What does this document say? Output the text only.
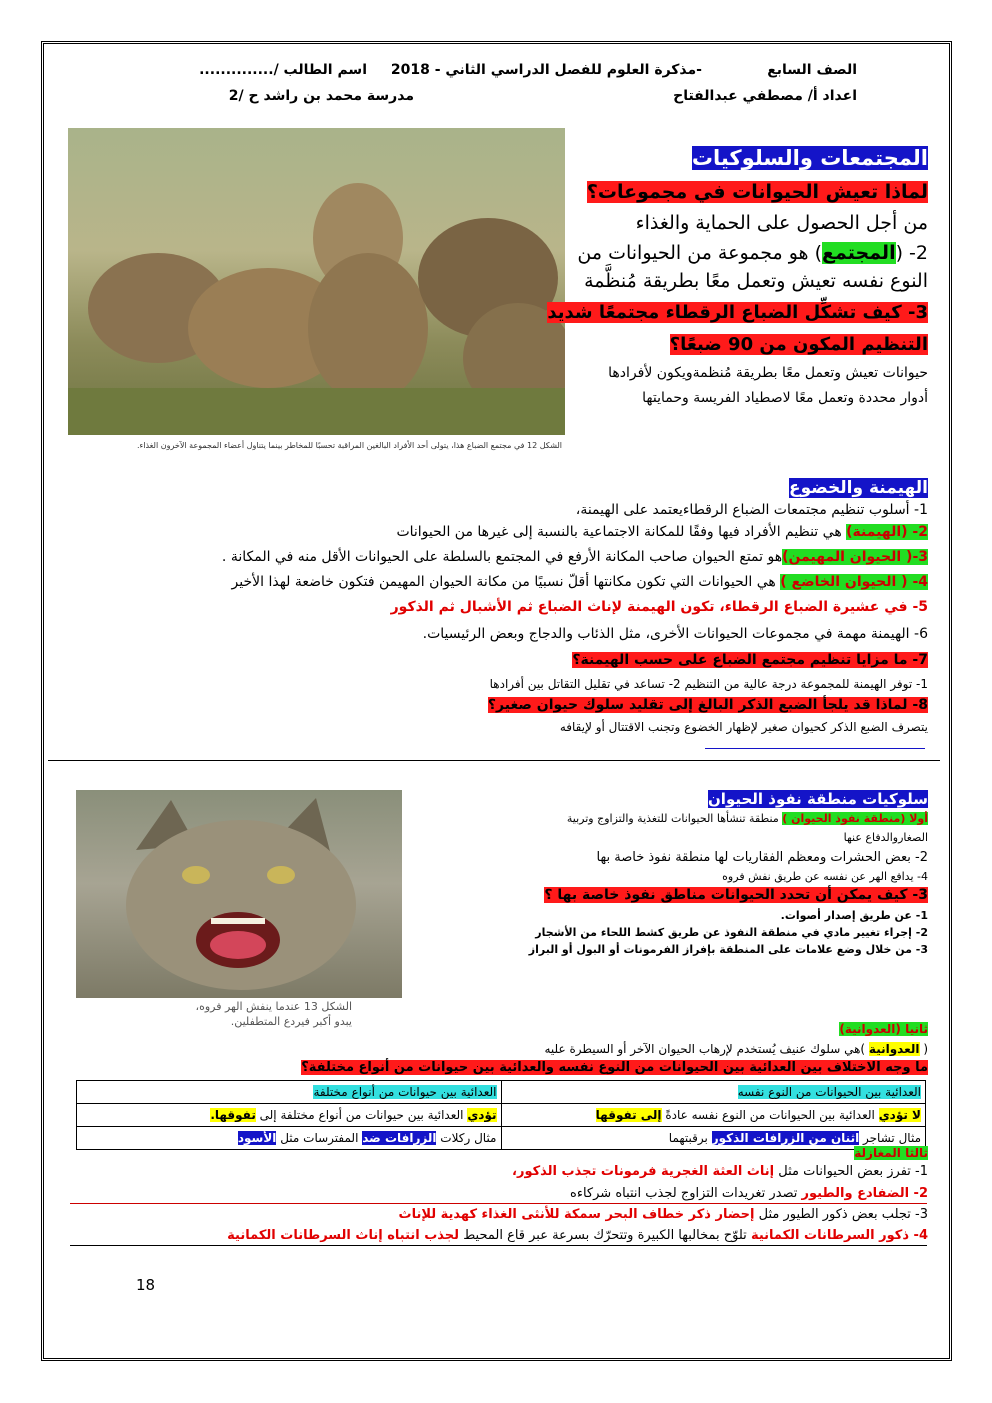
الصف السابع
-مذكرة العلوم للفصل الدراسي الثاني - 2018
اسم الطالب /..............
اعداد أ/ مصطفي عبدالفتاح
مدرسة محمد بن راشد ح /2
الشكل 12 في مجتمع الضباع هذا، يتولى أحد الأفراد البالغين المراقبة تحسبًا للمخاطر بينما يتناول أعضاء المجموعة الآخرون الغذاء.
المجتمعات والسلوكيات
لماذا تعيش الحيوانات في مجموعات؟
من أجل الحصول على الحماية والغذاء
2- (المجتمع) هو مجموعة من الحيوانات من
النوع نفسه تعيش وتعمل معًا بطريقة مُنظَّمة
3- كيف تشكِّل الضباع الرقطاء مجتمعًا شديد
التنظيم المكون من 90 ضبعًا؟
حيوانات تعيش وتعمل معًا بطريقة مُنظمةويكون لأفرادها
أدوار محددة وتعمل معًا لاصطياد الفريسة وحمايتها
الهيمنة والخضوع
1- أسلوب تنظيم مجتمعات الضباع الرقطاءيعتمد على الهيمنة،
2- (الهيمنة) هي تنظيم الأفراد فيها وفقًا للمكانة الاجتماعية بالنسبة إلى غيرها من الحيوانات
3-( الحيوان المهيمن)هو تمتع الحيوان صاحب المكانة الأرفع في المجتمع بالسلطة على الحيوانات الأقل منه في المكانة .
4- ( الحيوان الخاضع ) هي الحيوانات التي تكون مكانتها أقلّ نسبيًا من مكانة الحيوان المهيمن فتكون خاضعة لهذا الأخير
5- في عشيرة الضباع الرقطاء، تكون الهيمنة لإناث الضباع ثم الأشبال ثم الذكور
6- الهيمنة مهمة في مجموعات الحيوانات الأخرى، مثل الذئاب والدجاج وبعض الرئيسيات.
7- ما مزايا تنظيم مجتمع الضباع على حسب الهيمنة؟
1- توفر الهيمنة للمجموعة درجة عالية من التنظيم 2- تساعد في تقليل التقاتل بين أفرادها
8- لماذا قد يلجأ الضبع الذكر البالغ إلى تقليد سلوك حيوان صغير؟
يتصرف الضبع الذكر كحيوان صغير لإظهار الخضوع وتجنب الاقتتال أو لإيقافه
الشكل 13 عندما ينفش الهر فروه،
يبدو أكبر فيردع المتطفلين.
سلوكيات منطقة نفوذ الحيوان
أولا (منطقة نفوذ الحيوان ) منطقة تنشأها الحيوانات للتغذية والتزاوج وتربية
الصغاروالدفاع عنها
2- بعض الحشرات ومعظم الفقاريات لها منطقة نفوذ خاصة بها
4- يدافع الهر عن نفسه عن طريق نفش فروه
3- كيف يمكن أن تحدد الحيوانات مناطق نفوذ خاصة بها ؟
1- عن طريق إصدار أصوات.
2- إجراء تغيير مادي في منطقة النفوذ عن طريق كشط اللحاء من الأشجار
3- من خلال وضع علامات على المنطقة بإفراز الفرمونات أو البول أو البراز
ثانيا (العدوانية)
( العدوانية )هي سلوك عنيف يُستخدم لإرهاب الحيوان الآخر أو السيطرة عليه
ما وجه الاختلاف بين العدائية بين الحيوانات من النوع نفسه والعدائية بين حيوانات من أنواع مختلفة؟
العدائية بين الحيوانات من النوع نفسه	العدائية بين حيوانات من أنواع مختلفة
لا تؤدي العدائية بين الحيوانات من النوع نفسه عادةً إلى تفوقها	تؤدي العدائية بين حيوانات من أنواع مختلفة إلى تفوقها.
مثال تشاجر اثنان من الزرافات الذكور برقبتهما	مثال ركلات الزرافات ضد المفترسات مثل الأسود
ثالثا المغازلة
1- تفرز بعض الحيوانات مثل إناث العثة الغجرية فرمونات تجذب الذكور،
2- الضفادع والطيور تصدر تغريدات التزاوج لجذب انتباه شركاءه
3- تجلب بعض ذكور الطيور مثل إحضار ذكر خطاف البحر سمكة للأنثى الغذاء كهدية للإناث
4- ذكور السرطانات الكمانية تلوّح بمخالبها الكبيرة وتتحرّك بسرعة عبر قاع المحيط لجذب انتباه إناث السرطانات الكمانية
18
